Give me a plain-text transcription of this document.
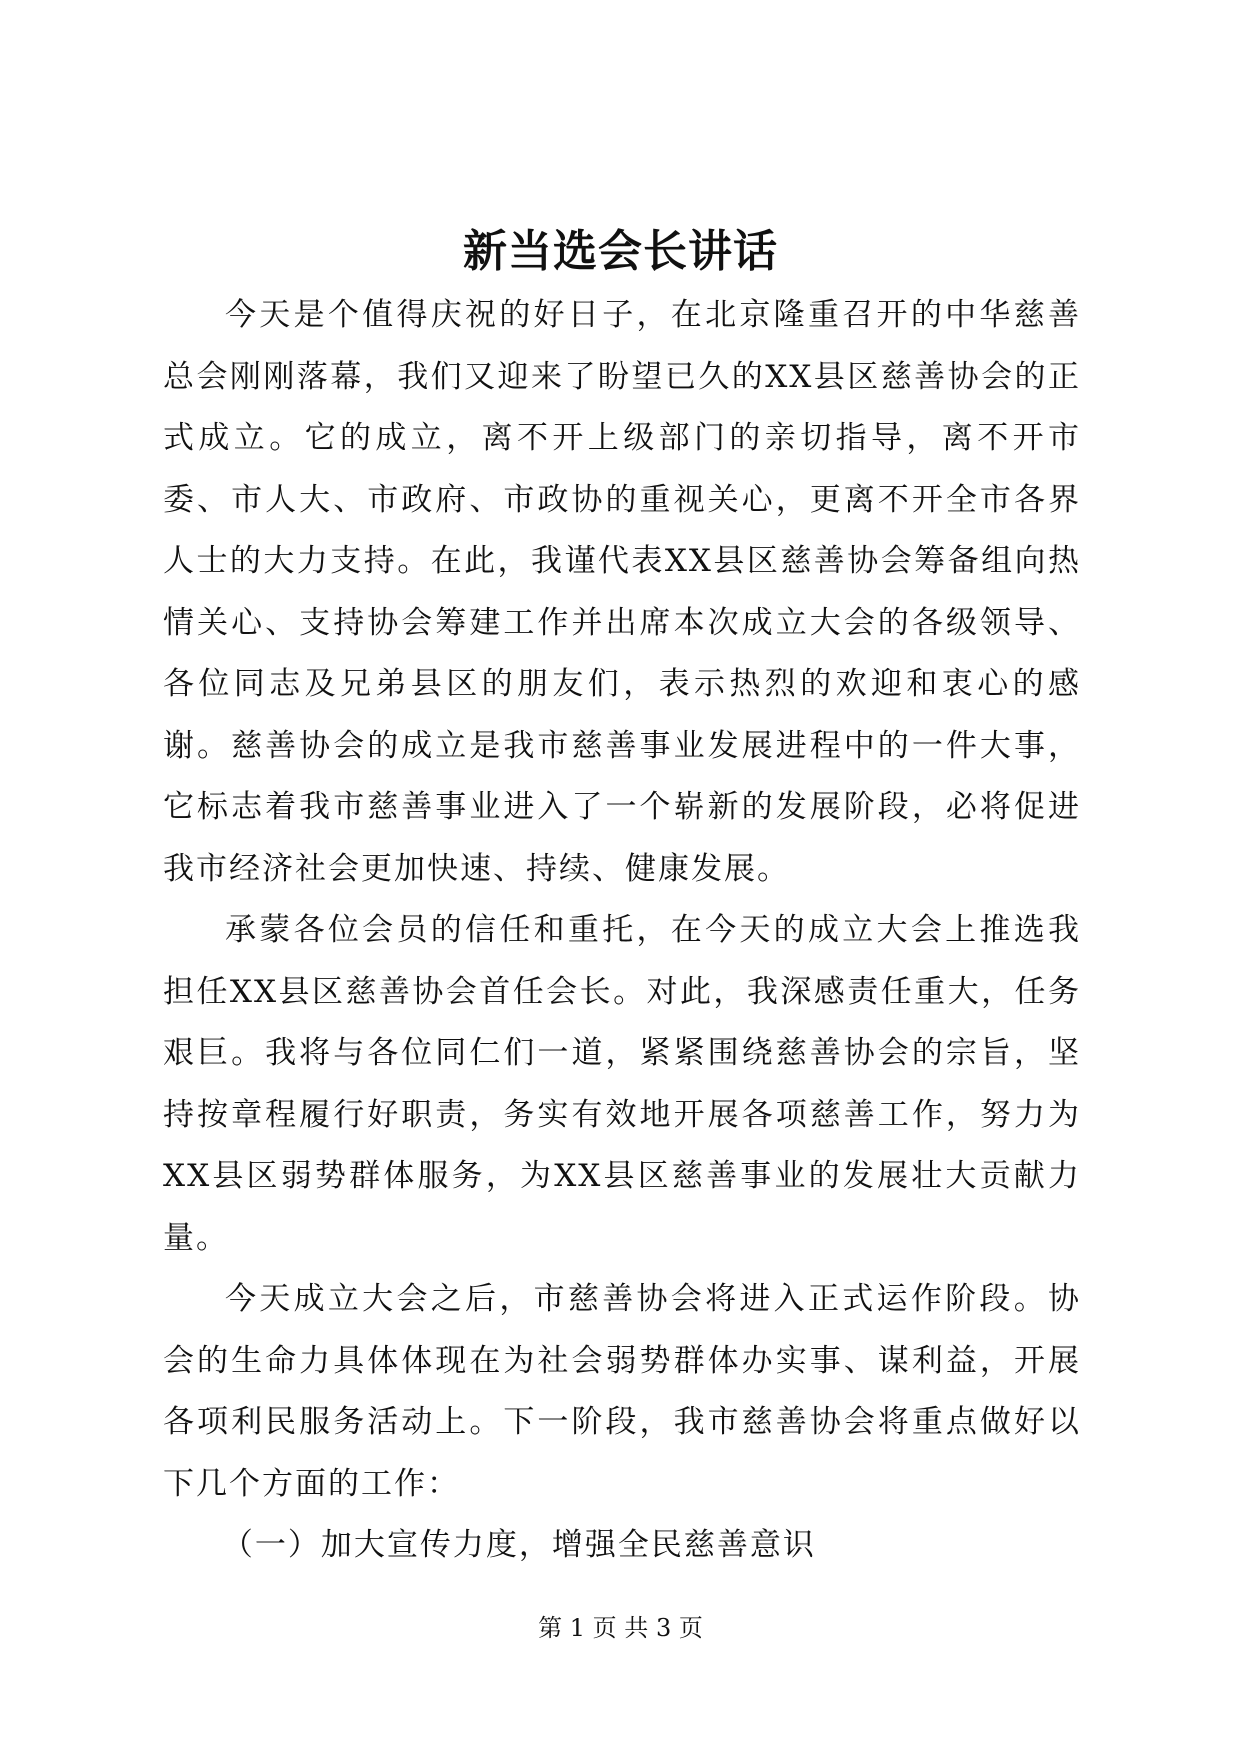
新当选会长讲话

今天是个值得庆祝的好日子，在北京隆重召开的中华慈善总会刚刚落幕，我们又迎来了盼望已久的XX县区慈善协会的正式成立。它的成立，离不开上级部门的亲切指导，离不开市委、市人大、市政府、市政协的重视关心，更离不开全市各界人士的大力支持。在此，我谨代表XX县区慈善协会筹备组向热情关心、支持协会筹建工作并出席本次成立大会的各级领导、各位同志及兄弟县区的朋友们，表示热烈的欢迎和衷心的感谢。慈善协会的成立是我市慈善事业发展进程中的一件大事，它标志着我市慈善事业进入了一个崭新的发展阶段，必将促进我市经济社会更加快速、持续、健康发展。

承蒙各位会员的信任和重托，在今天的成立大会上推选我担任XX县区慈善协会首任会长。对此，我深感责任重大，任务艰巨。我将与各位同仁们一道，紧紧围绕慈善协会的宗旨，坚持按章程履行好职责，务实有效地开展各项慈善工作，努力为XX县区弱势群体服务，为XX县区慈善事业的发展壮大贡献力量。

今天成立大会之后，市慈善协会将进入正式运作阶段。协会的生命力具体体现在为社会弱势群体办实事、谋利益，开展各项利民服务活动上。下一阶段，我市慈善协会将重点做好以下几个方面的工作：

（一）加大宣传力度，增强全民慈善意识

第 1 页 共 3 页
